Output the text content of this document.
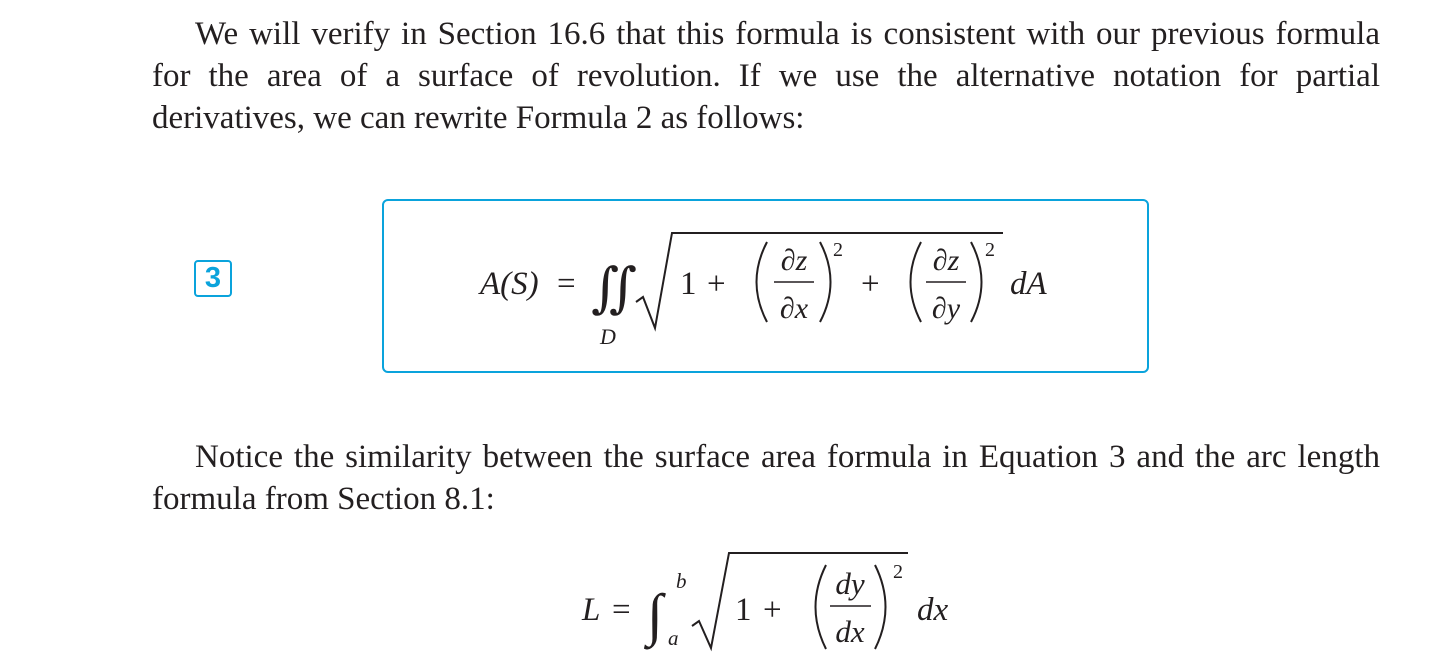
We will verify in Section 16.6 that this formula is consistent with our previous formula for the area of a surface of revolution. If we use the alternative notation for partial derivatives, we can rewrite Formula 2 as follows:

3	A(S) = ∬
D
1 +
∂z
∂x
2
+
∂z
∂y
2
dA

Notice the similarity between the surface area formula in Equation 3 and the arc length formula from Section 8.1:

L = ∫
b
a
1 +
dy
dx
2
dx
